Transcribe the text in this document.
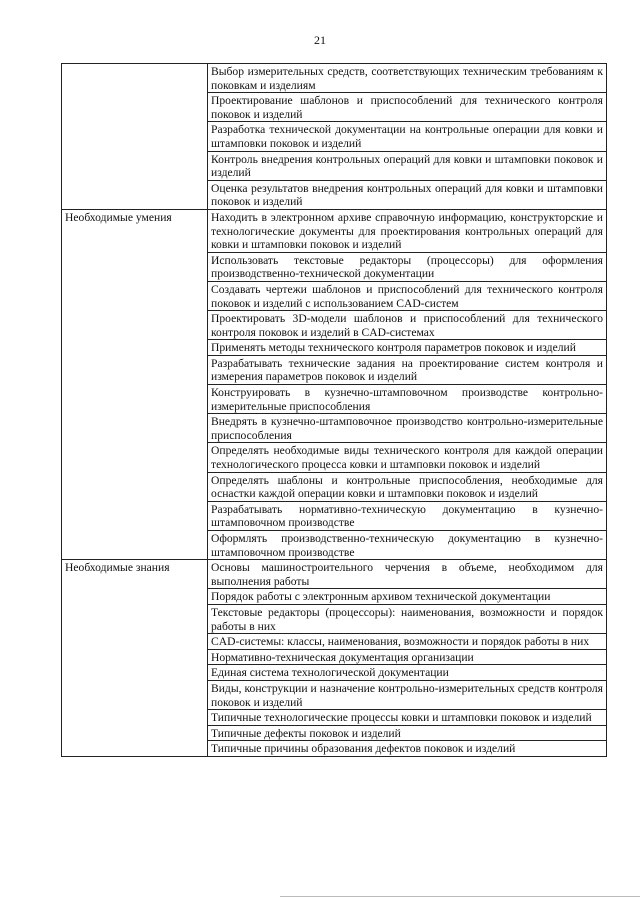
21
	Выбор измерительных средств, соответствующих техническим требованиям к поковкам и изделиям
	Проектирование шаблонов и приспособлений для технического контроля поковок и изделий
	Разработка технической документации на контрольные операции для ковки и штамповки поковок и изделий
	Контроль внедрения контрольных операций для ковки и штамповки поковок и изделий
	Оценка результатов внедрения контрольных операций для ковки и штамповки поковок и изделий
Необходимые умения	Находить в электронном архиве справочную информацию, конструкторские и технологические документы для проектирования контрольных операций для ковки и штамповки поковок и изделий
	Использовать текстовые редакторы (процессоры) для оформления производственно-технической документации
	Создавать чертежи шаблонов и приспособлений для технического контроля поковок и изделий с использованием CAD-систем
	Проектировать 3D-модели шаблонов и приспособлений для технического контроля поковок и изделий в CAD-системах
	Применять методы технического контроля параметров поковок и изделий
	Разрабатывать технические задания на проектирование систем контроля и измерения параметров поковок и изделий
	Конструировать в кузнечно-штамповочном производстве контрольно-измерительные приспособления
	Внедрять в кузнечно-штамповочное производство контрольно-измерительные приспособления
	Определять необходимые виды технического контроля для каждой операции технологического процесса ковки и штамповки поковок и изделий
	Определять шаблоны и контрольные приспособления, необходимые для оснастки каждой операции ковки и штамповки поковок и изделий
	Разрабатывать нормативно-техническую документацию в кузнечно-штамповочном производстве
	Оформлять производственно-техническую документацию в кузнечно-штамповочном производстве
Необходимые знания	Основы машиностроительного черчения в объеме, необходимом для выполнения работы
	Порядок работы с электронным архивом технической документации
	Текстовые редакторы (процессоры): наименования, возможности и порядок работы в них
	CAD-системы: классы, наименования, возможности и порядок работы в них
	Нормативно-техническая документация организации
	Единая система технологической документации
	Виды, конструкции и назначение контрольно-измерительных средств контроля поковок и изделий
	Типичные технологические процессы ковки и штамповки поковок и изделий
	Типичные дефекты поковок и изделий
	Типичные причины образования дефектов поковок и изделий
